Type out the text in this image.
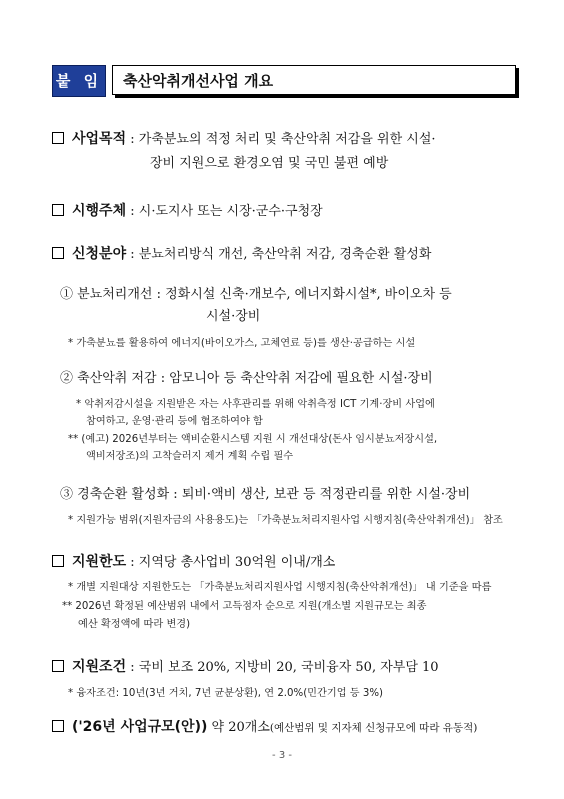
붙 임 축산악취개선사업 개요
사업목적 : 가축분뇨의 적정 처리 및 축산악취 저감을 위한 시설·
장비 지원으로 환경오염 및 국민 불편 예방
시행주체 : 시·도지사 또는 시장·군수·구청장
신청분야 : 분뇨처리방식 개선, 축산악취 저감, 경축순환 활성화
① 분뇨처리개선 : 정화시설 신축·개보수, 에너지화시설*, 바이오차 등
시설·장비
* 가축분뇨를 활용하여 에너지(바이오가스, 고체연료 등)를 생산·공급하는 시설
② 축산악취 저감 : 암모니아 등 축산악취 저감에 필요한 시설·장비
* 악취저감시설을 지원받은 자는 사후관리를 위해 악취측정 ICT 기계·장비 사업에
참여하고, 운영·관리 등에 협조하여야 함
** (예고) 2026년부터는 액비순환시스템 지원 시 개선대상(돈사 임시분뇨저장시설,
액비저장조)의 고착슬러지 제거 계획 수립 필수
③ 경축순환 활성화 : 퇴비·액비 생산, 보관 등 적정관리를 위한 시설·장비
* 지원가능 범위(지원자금의 사용용도)는 「가축분뇨처리지원사업 시행지침(축산악취개선)」 참조
지원한도 : 지역당 총사업비 30억원 이내/개소
* 개별 지원대상 지원한도는 「가축분뇨처리지원사업 시행지침(축산악취개선)」 내 기준을 따름
** 2026년 확정된 예산범위 내에서 고득점자 순으로 지원(개소별 지원규모는 최종
예산 확정액에 따라 변경)
지원조건 : 국비 보조 20%, 지방비 20, 국비융자 50, 자부담 10
* 융자조건: 10년(3년 거치, 7년 균분상환), 연 2.0%(민간기업 등 3%)
('26년 사업규모(안)) 약 20개소(예산범위 및 지자체 신청규모에 따라 유동적)
- 3 -
